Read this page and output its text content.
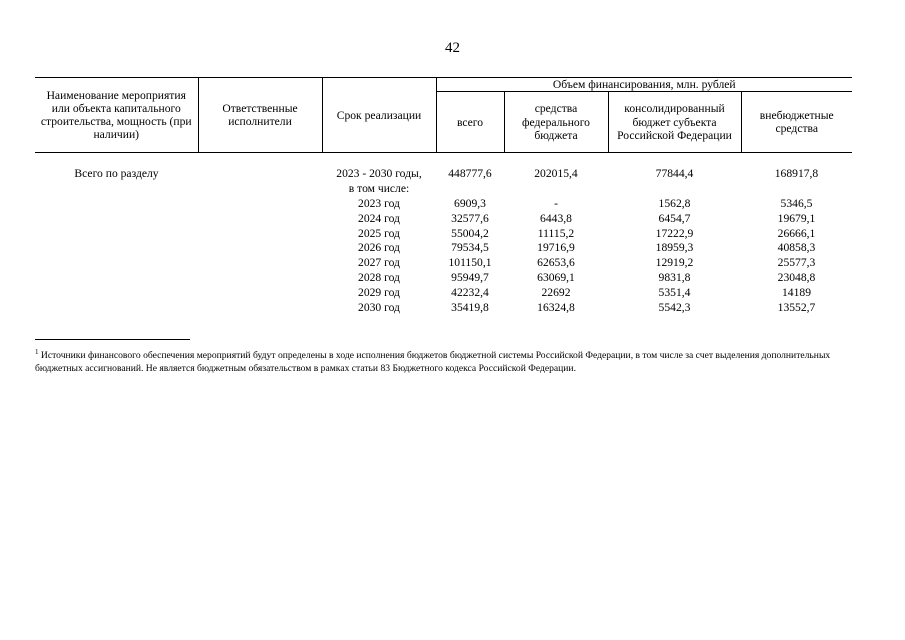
42
Наименование мероприятия или объекта капитального строительства, мощность (при наличии)	Ответственные исполнители	Срок реализации	Объем финансирования, млн. рублей			
			всего	средства федерального бюджета	консолидированный бюджет субъекта Российской Федерации	внебюджетные средства
Всего по разделу		2023 - 2030 годы,	448777,6	202015,4	77844,4	168917,8
		в том числе:				
		2023 год	6909,3	-	1562,8	5346,5
		2024 год	32577,6	6443,8	6454,7	19679,1
		2025 год	55004,2	11115,2	17222,9	26666,1
		2026 год	79534,5	19716,9	18959,3	40858,3
		2027 год	101150,1	62653,6	12919,2	25577,3
		2028 год	95949,7	63069,1	9831,8	23048,8
		2029 год	42232,4	22692	5351,4	14189
		2030 год	35419,8	16324,8	5542,3	13552,7
$^1$ Источники финансового обеспечения мероприятий будут определены в ходе исполнения бюджетов бюджетной системы Российской Федерации, в том числе за счет выделения дополнительных бюджетных ассигнований. Не является бюджетным обязательством в рамках статьи 83 Бюджетного кодекса Российской Федерации.
